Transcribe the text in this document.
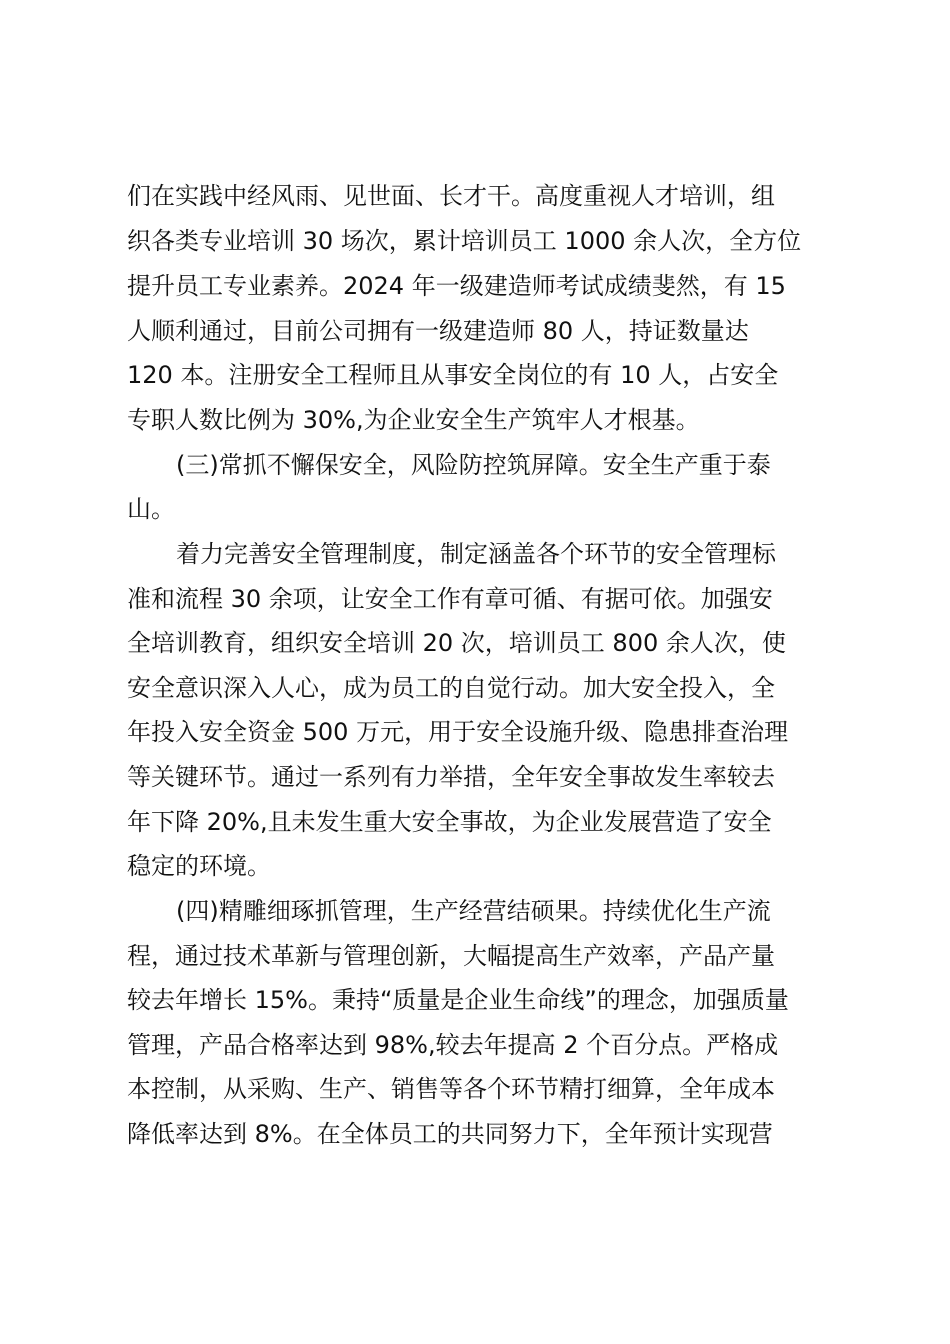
们在实践中经风雨、见世面、长才干。高度重视人才培训，组
织各类专业培训 30 场次，累计培训员工 1000 余人次，全方位
提升员工专业素养。2024 年一级建造师考试成绩斐然，有 15
人顺利通过，目前公司拥有一级建造师 80 人，持证数量达
120 本。注册安全工程师且从事安全岗位的有 10 人，占安全
专职人数比例为 30%,为企业安全生产筑牢人才根基。
(三)常抓不懈保安全，风险防控筑屏障。安全生产重于泰
山。
着力完善安全管理制度，制定涵盖各个环节的安全管理标
准和流程 30 余项，让安全工作有章可循、有据可依。加强安
全培训教育，组织安全培训 20 次，培训员工 800 余人次，使
安全意识深入人心，成为员工的自觉行动。加大安全投入，全
年投入安全资金 500 万元，用于安全设施升级、隐患排查治理
等关键环节。通过一系列有力举措，全年安全事故发生率较去
年下降 20%,且未发生重大安全事故，为企业发展营造了安全
稳定的环境。
(四)精雕细琢抓管理，生产经营结硕果。持续优化生产流
程，通过技术革新与管理创新，大幅提高生产效率，产品产量
较去年增长 15%。秉持“质量是企业生命线”的理念，加强质量
管理，产品合格率达到 98%,较去年提高 2 个百分点。严格成
本控制，从采购、生产、销售等各个环节精打细算，全年成本
降低率达到 8%。在全体员工的共同努力下，全年预计实现营
